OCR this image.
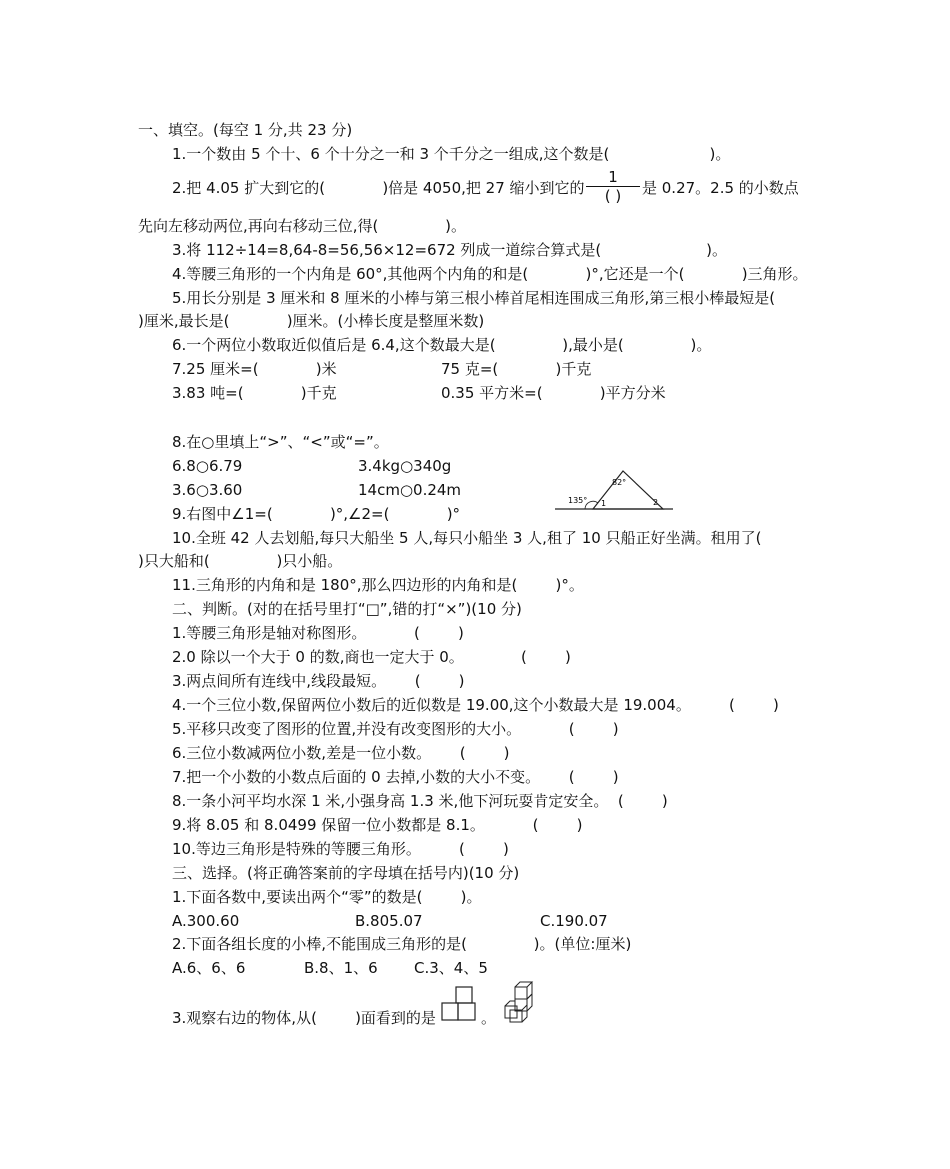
一、填空。(每空 1 分,共 23 分)
1.一个数由 5 个十、6 个十分之一和 3 个千分之一组成,这个数是(                     )。
2.把 4.05 扩大到它的(            )倍是 4050,把 27 缩小到它的
1
( )	是 0.27。2.5 的小数点
先向左移动两位,再向右移动三位,得(              )。
3.将 112÷14=8,64-8=56,56×12=672 列成一道综合算式是(                      )。
4.等腰三角形的一个内角是 60°,其他两个内角的和是(            )°,它还是一个(            )三角形。
5.用长分别是 3 厘米和 8 厘米的小棒与第三根小棒首尾相连围成三角形,第三根小棒最短是(
)厘米,最长是(            )厘米。(小棒长度是整厘米数)
6.一个两位小数取近似值后是 6.4,这个数最大是(              ),最小是(              )。
7.25 厘米=(            )米	75 克=(            )千克
3.83 吨=(            )千克	0.35 平方米=(            )平方分米
8.在○里填上“>”、“<”或“=”。
6.8○6.79	3.4kg○340g
3.6○3.60	14cm○0.24m
9.右图中∠1=(            )°,∠2=(            )°
135°
82°
1	2
10.全班 42 人去划船,每只大船坐 5 人,每只小船坐 3 人,租了 10 只船正好坐满。租用了(
)只大船和(              )只小船。
11.三角形的内角和是 180°,那么四边形的内角和是(        )°。
二、判断。(对的在括号里打“□”,错的打“×”)(10 分)
1.等腰三角形是轴对称图形。          (        )
2.0 除以一个大于 0 的数,商也一定大于 0。            (        )
3.两点间所有连线中,线段最短。      (        )
4.一个三位小数,保留两位小数后的近似数是 19.00,这个小数最大是 19.004。        (        )
5.平移只改变了图形的位置,并没有改变图形的大小。          (        )
6.三位小数减两位小数,差是一位小数。      (        )
7.把一个小数的小数点后面的 0 去掉,小数的大小不变。      (        )
8.一条小河平均水深 1 米,小强身高 1.3 米,他下河玩耍肯定安全。  (        )
9.将 8.05 和 8.0499 保留一位小数都是 8.1。          (        )
10.等边三角形是特殊的等腰三角形。        (        )
三、选择。(将正确答案前的字母填在括号内)(10 分)
1.下面各数中,要读出两个“零”的数是(        )。
A.300.60	B.805.07	C.190.07
2.下面各组长度的小棒,不能围成三角形的是(              )。(单位:厘米)
A.6、6、6	B.8、1、6 C.3、4、5
3.观察右边的物体,从(        )面看到的是	。
